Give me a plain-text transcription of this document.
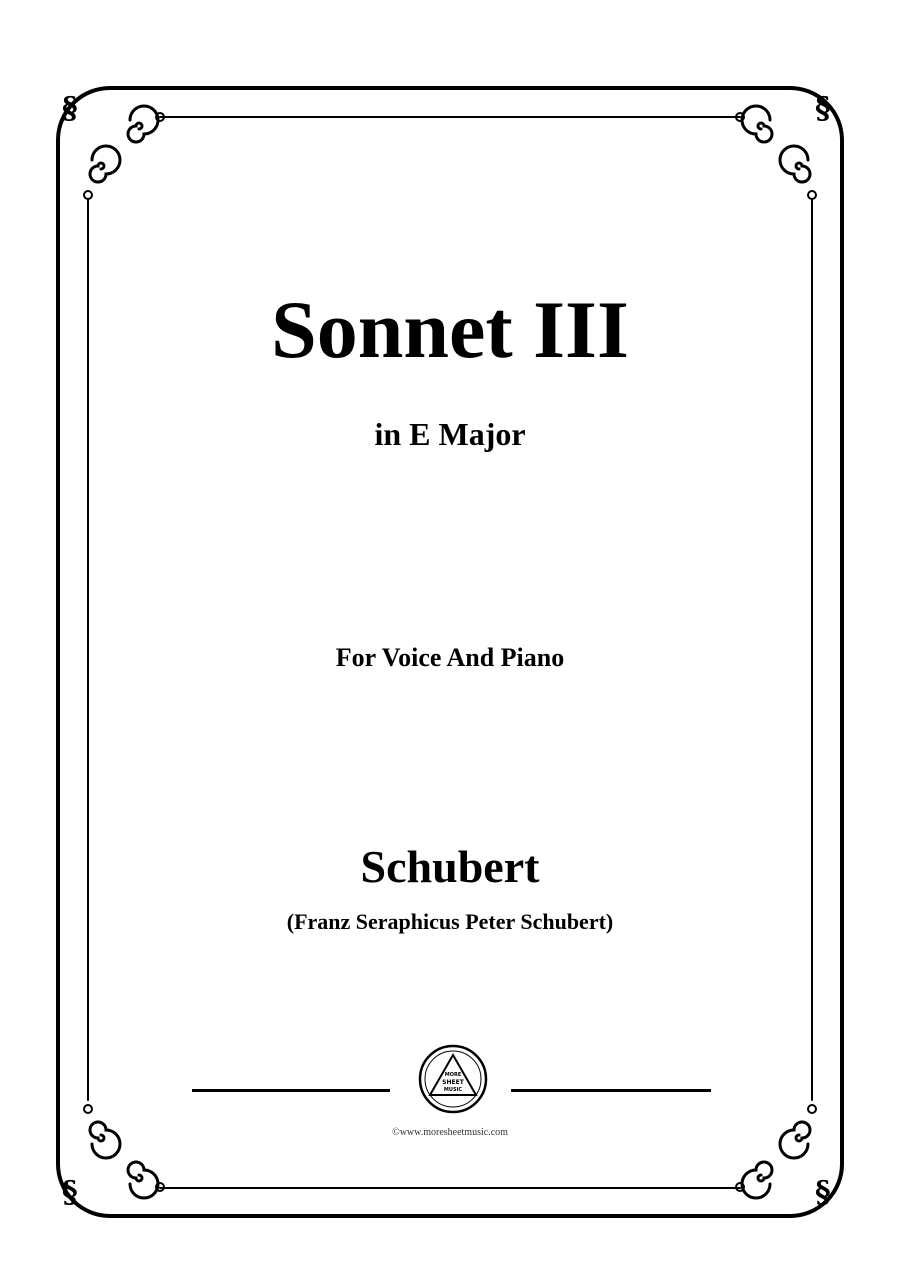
§	§
§	§
Sonnet III
in E Major
For Voice And Piano
Schubert
(Franz Seraphicus Peter Schubert)
MORE
SHEET
MUSIC
©www.moresheetmusic.com
